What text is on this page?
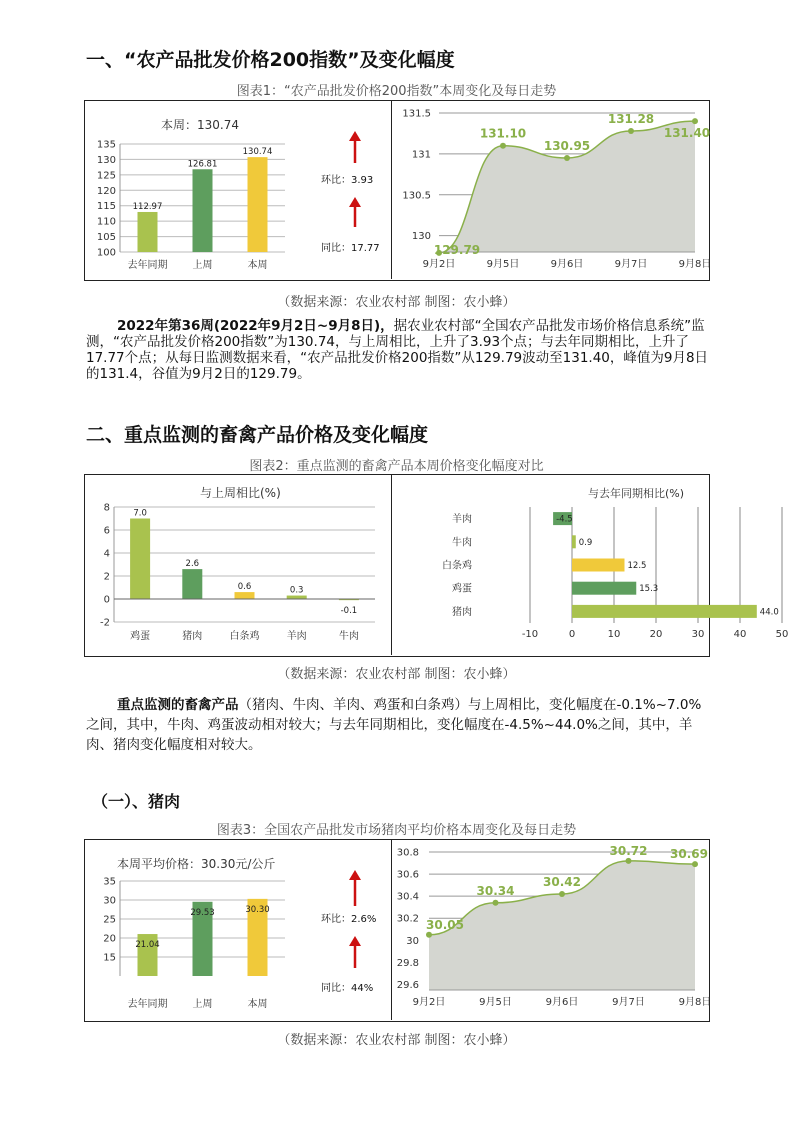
一、“农产品批发价格200指数”及变化幅度
图表1：“农产品批发价格200指数”本周变化及每日走势
本周：130.74
100
105
110
115
120
125
130
135
112.97
去年同期
126.81
上周
130.74
本周
环比：3.93
同比：17.77
130
130.5
131
131.5
129.79
9月2日
131.10
9月5日
130.95
9月6日
131.28
9月7日
131.40
9月8日
（数据来源：农业农村部 制图：农小蜂）
2022年第36周(2022年9月2日~9月8日)，据农业农村部“全国农产品批发市场价格信息系统”监测，“农产品批发价格200指数”为130.74，与上周相比，上升了3.93个点；与去年同期相比，上升了17.77个点；从每日监测数据来看，“农产品批发价格200指数”从129.79波动至131.40，峰值为9月8日的131.4，谷值为9月2日的129.79。
二、重点监测的畜禽产品价格及变化幅度
图表2：重点监测的畜禽产品本周价格变化幅度对比
与上周相比(%)
-2
0
2
4
6
8	7.0
鸡蛋
2.6
猪肉
0.6
白条鸡
0.3
羊肉
-0.1
牛肉
与去年同期相比(%)
-10	0	10	20	30	40	50
-4.5
羊肉
0.9
牛肉
12.5
白条鸡
15.3
鸡蛋
44.0
猪肉
（数据来源：农业农村部 制图：农小蜂）
重点监测的畜禽产品（猪肉、牛肉、羊肉、鸡蛋和白条鸡）与上周相比，变化幅度在-0.1%~7.0%之间，其中，牛肉、鸡蛋波动相对较大；与去年同期相比，变化幅度在-4.5%~44.0%之间，其中，羊肉、猪肉变化幅度相对较大。
（一）、猪肉
图表3：全国农产品批发市场猪肉平均价格本周变化及每日走势
本周平均价格：30.30元/公斤
15
20
25
30
35
21.04
去年同期
29.53
上周
30.30
本周
环比：2.6%
同比：44% 29.6
29.8
30
30.2
30.4
30.6
30.8
30.05
9月2日
30.34
9月5日
30.42
9月6日
30.72
9月7日
30.69
9月8日
（数据来源：农业农村部 制图：农小蜂）
